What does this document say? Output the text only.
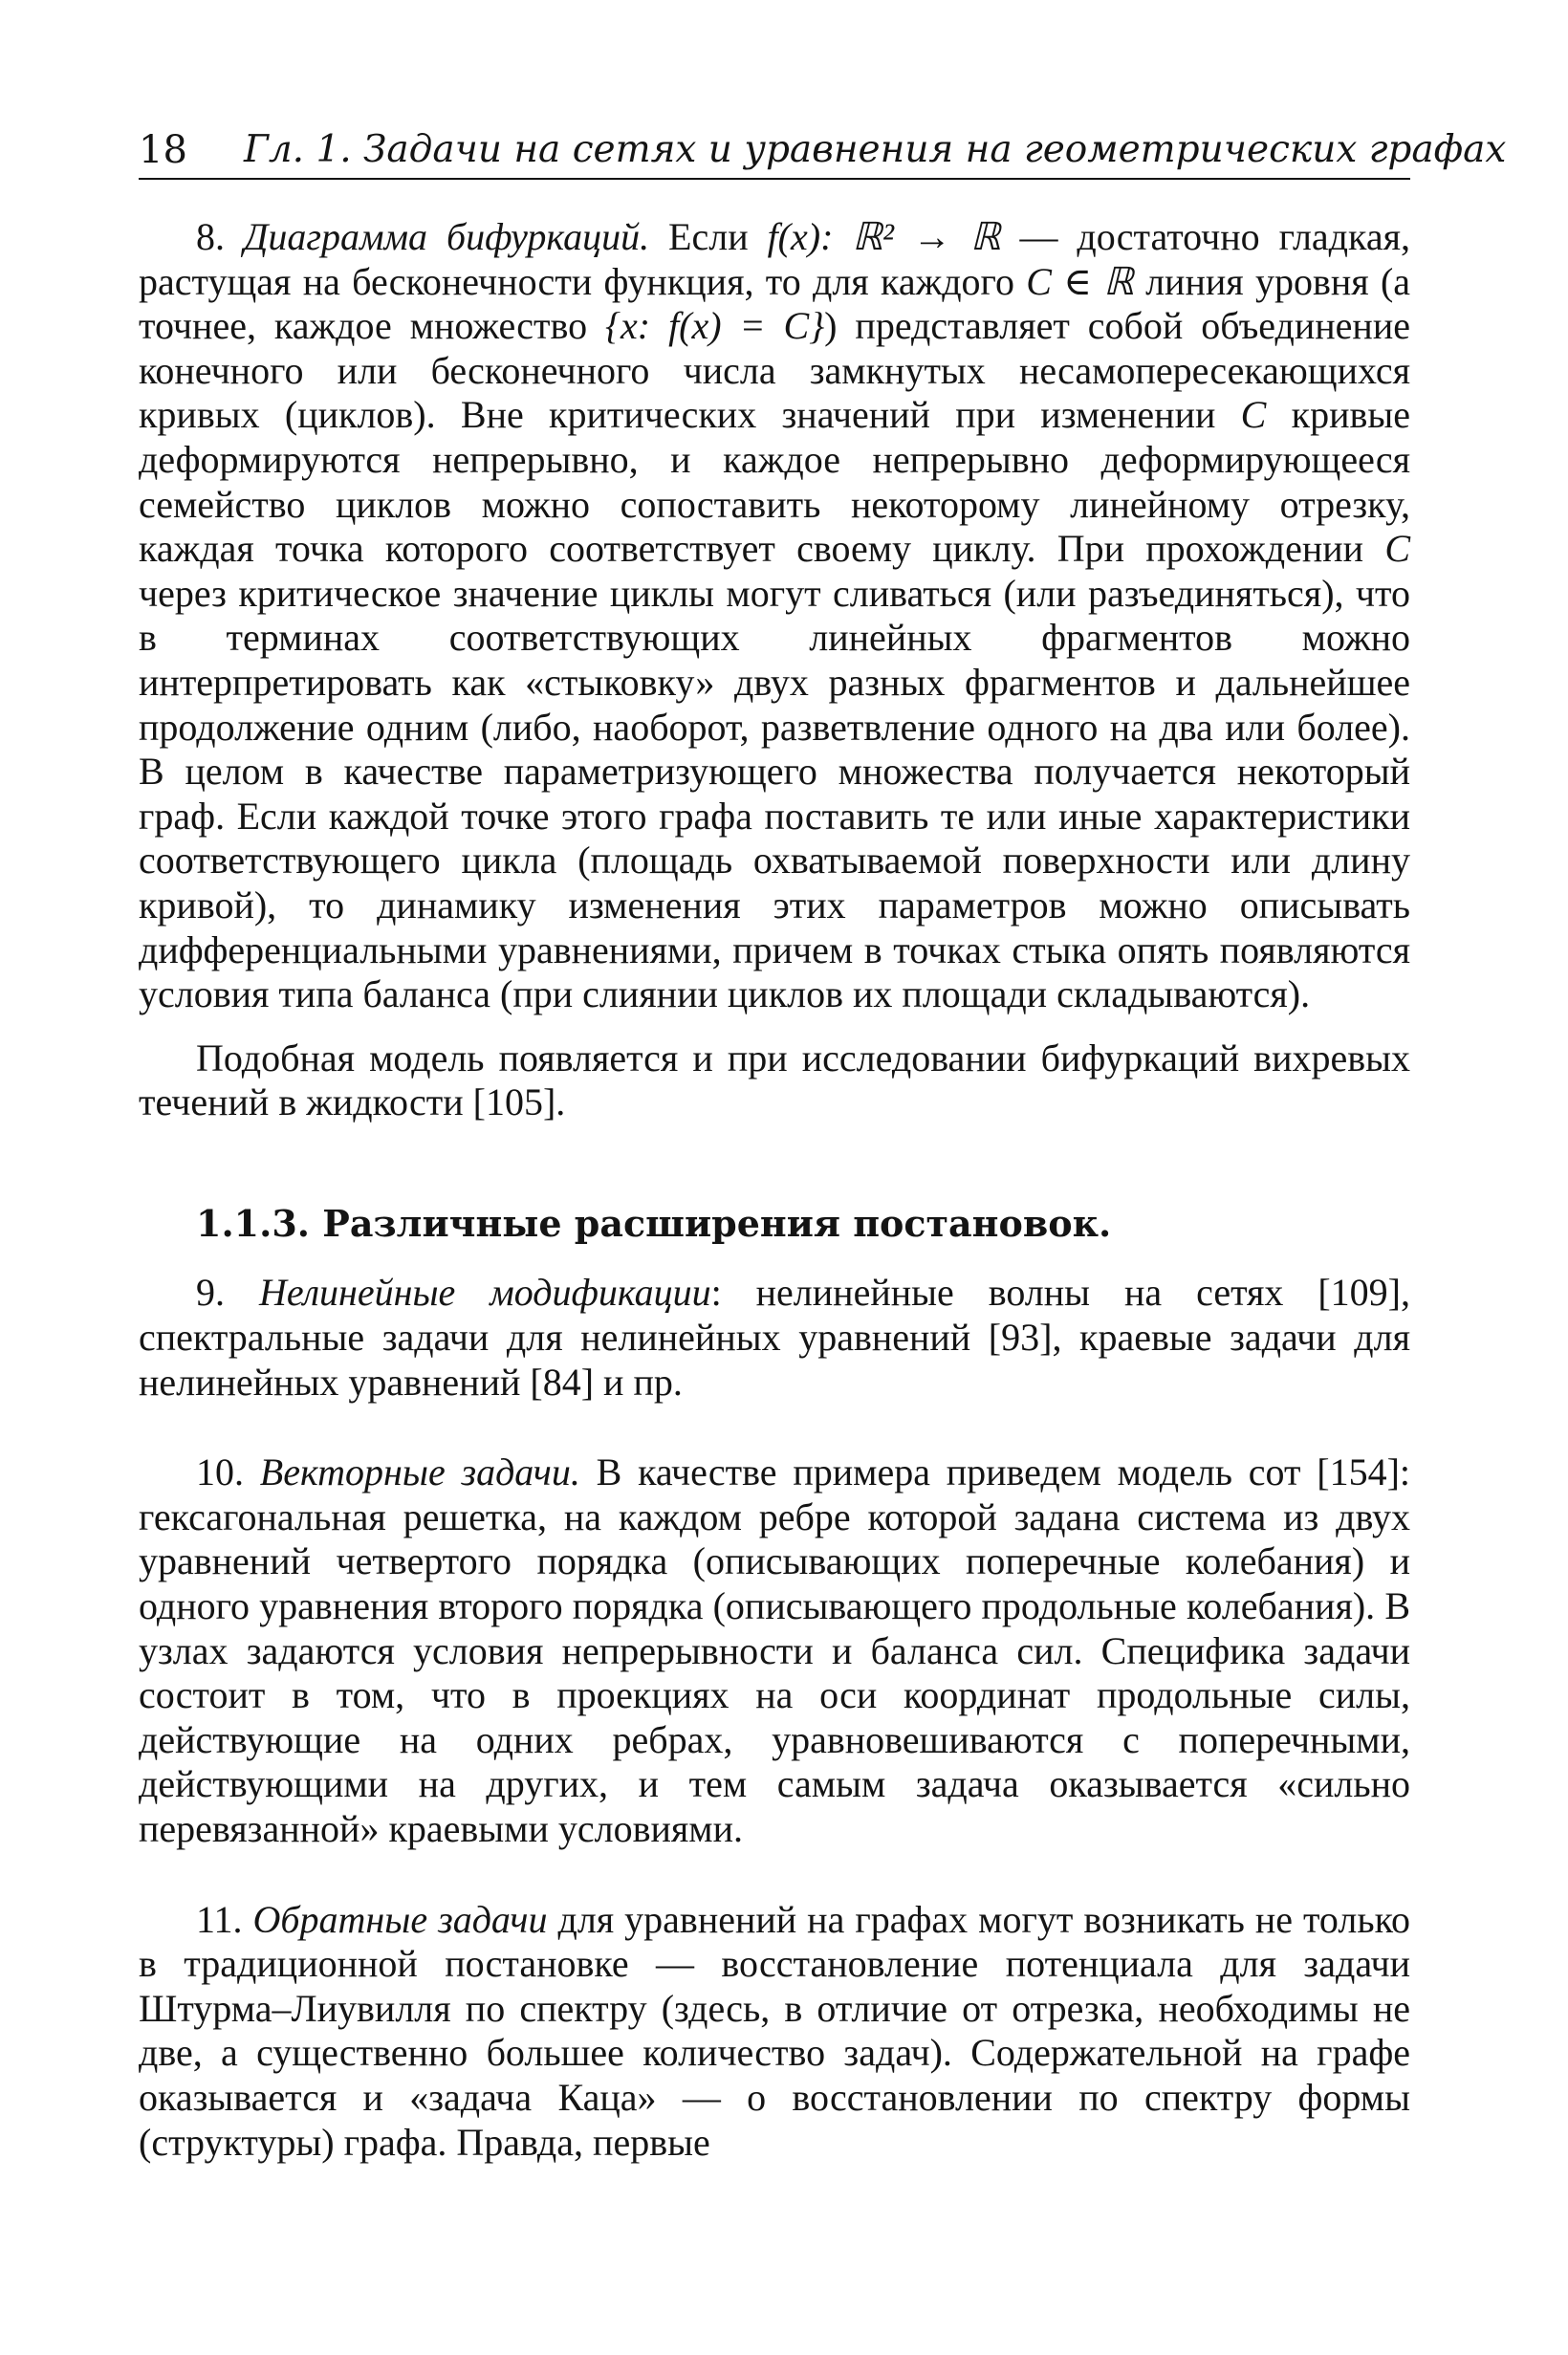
18 Гл. 1. Задачи на сетях и уравнения на геометрических графах

8. Диаграмма бифуркаций. Если f(x): ℝ² → ℝ — достаточно гладкая, растущая на бесконечности функция, то для каждого C ∈ ℝ линия уровня (а точнее, каждое множество {x: f(x) = C}) представляет собой объединение конечного или бесконечного числа замкнутых несамопересекающихся кривых (циклов). Вне критических значений при изменении C кривые деформируются непрерывно, и каждое непрерывно деформирующееся семейство циклов можно сопоставить некоторому линейному отрезку, каждая точка которого соответствует своему циклу. При прохождении C через критическое значение циклы могут сливаться (или разъединяться), что в терминах соответствующих линейных фрагментов можно интерпретировать как «стыковку» двух разных фрагментов и дальнейшее продолжение одним (либо, наоборот, разветвление одного на два или более). В целом в качестве параметризующего множества получается некоторый граф. Если каждой точке этого графа поставить те или иные характеристики соответствующего цикла (площадь охватываемой поверхности или длину кривой), то динамику изменения этих параметров можно описывать дифференциальными уравнениями, причем в точках стыка опять появляются условия типа баланса (при слиянии циклов их площади складываются).

Подобная модель появляется и при исследовании бифуркаций вихревых течений в жидкости [105].

1.1.3. Различные расширения постановок.

9. Нелинейные модификации: нелинейные волны на сетях [109], спектральные задачи для нелинейных уравнений [93], краевые задачи для нелинейных уравнений [84] и пр.

10. Векторные задачи. В качестве примера приведем модель сот [154]: гексагональная решетка, на каждом ребре которой задана система из двух уравнений четвертого порядка (описывающих поперечные колебания) и одного уравнения второго порядка (описывающего продольные колебания). В узлах задаются условия непрерывности и баланса сил. Специфика задачи состоит в том, что в проекциях на оси координат продольные силы, действующие на одних ребрах, уравновешиваются с поперечными, действующими на других, и тем самым задача оказывается «сильно перевязанной» краевыми условиями.

11. Обратные задачи для уравнений на графах могут возникать не только в традиционной постановке — восстановление потенциала для задачи Штурма–Лиувилля по спектру (здесь, в отличие от отрезка, необходимы не две, а существенно большее количество задач). Содержательной на графе оказывается и «задача Каца» — о восстановлении по спектру формы (структуры) графа. Правда, первые
